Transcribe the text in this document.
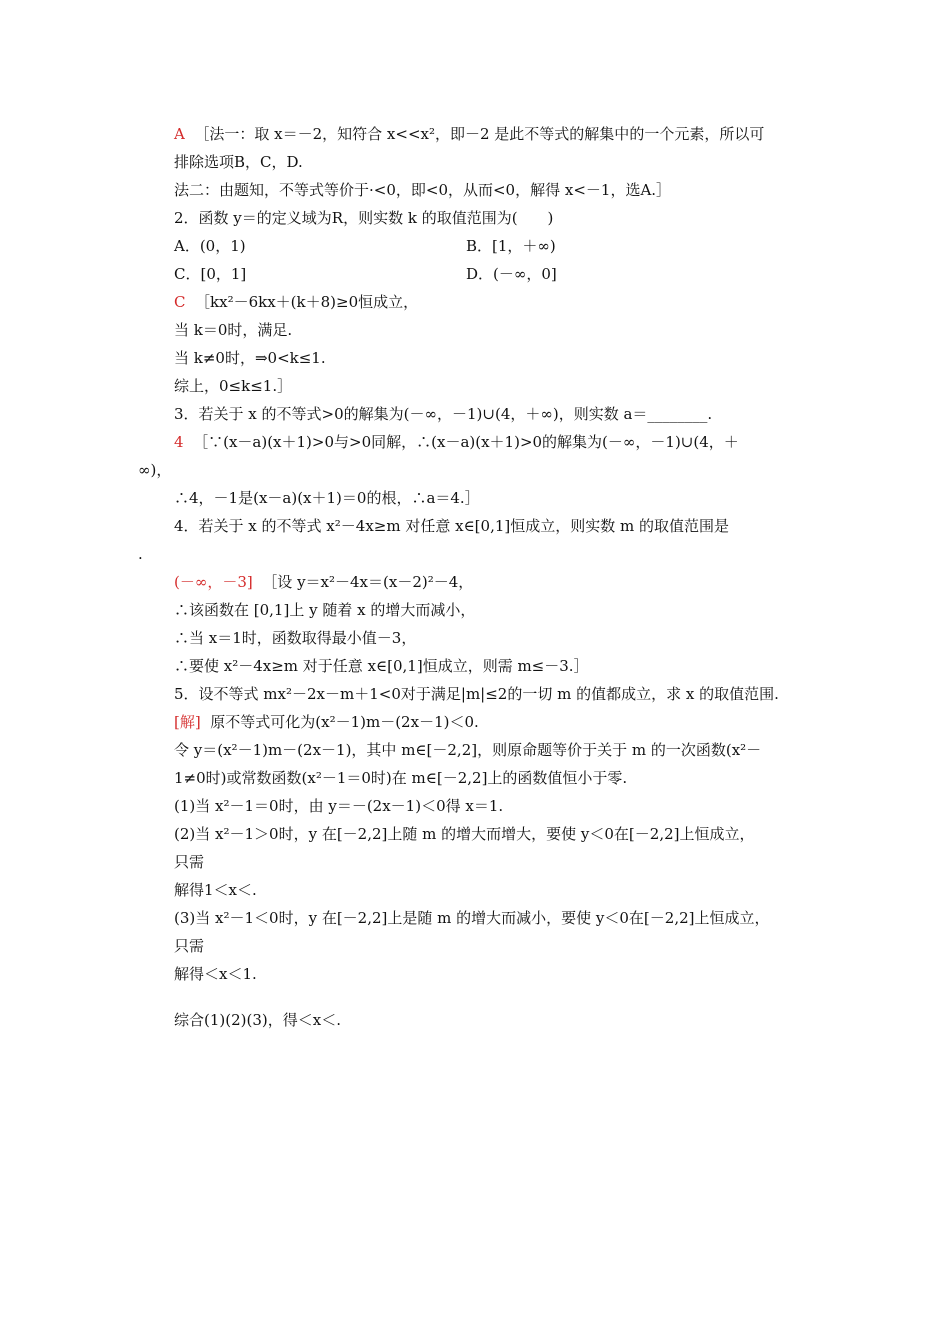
A ［法一：取 x＝－2，知符合 x<<x²，即－2 是此不等式的解集中的一个元素，所以可
排除选项B，C，D.
法二：由题知，不等式等价于·<0，即<0，从而<0，解得 x<－1，选A.］
2．函数 y＝的定义域为R，则实数 k 的取值范围为(　　)
A．(0，1)	B．[1，＋∞)
C．[0，1]	D．(－∞，0]
C ［kx²－6kx＋(k＋8)≥0恒成立，
当 k＝0时，满足.
当 k≠0时，⇒0<k≤1.
综上，0≤k≤1.］
3．若关于 x 的不等式>0的解集为(－∞，－1)∪(4，＋∞)，则实数 a＝________.
4 ［∵(x－a)(x＋1)>0与>0同解，∴(x－a)(x＋1)>0的解集为(－∞，－1)∪(4，＋
∞)，
∴4，－1是(x－a)(x＋1)＝0的根，∴a＝4.］
4．若关于 x 的不等式 x²－4x≥m 对任意 x∈[0,1]恒成立，则实数 m 的取值范围是
.
(－∞，－3] ［设 y＝x²－4x＝(x－2)²－4，
∴该函数在 [0,1]上 y 随着 x 的增大而减小，
∴当 x＝1时，函数取得最小值－3，
∴要使 x²－4x≥m 对于任意 x∈[0,1]恒成立，则需 m≤－3.］
5．设不等式 mx²－2x－m＋1<0对于满足|m|≤2的一切 m 的值都成立，求 x 的取值范围.
[解] 原不等式可化为(x²－1)m－(2x－1)＜0.
令 y＝(x²－1)m－(2x－1)，其中 m∈[－2,2]，则原命题等价于关于 m 的一次函数(x²－
1≠0时)或常数函数(x²－1＝0时)在 m∈[－2,2]上的函数值恒小于零.
(1)当 x²－1＝0时，由 y＝－(2x－1)＜0得 x＝1.
(2)当 x²－1＞0时，y 在[－2,2]上随 m 的增大而增大，要使 y＜0在[－2,2]上恒成立，
只需
解得1＜x＜.
(3)当 x²－1＜0时，y 在[－2,2]上是随 m 的增大而减小，要使 y＜0在[－2,2]上恒成立，
只需
解得＜x＜1.
综合(1)(2)(3)，得＜x＜.
